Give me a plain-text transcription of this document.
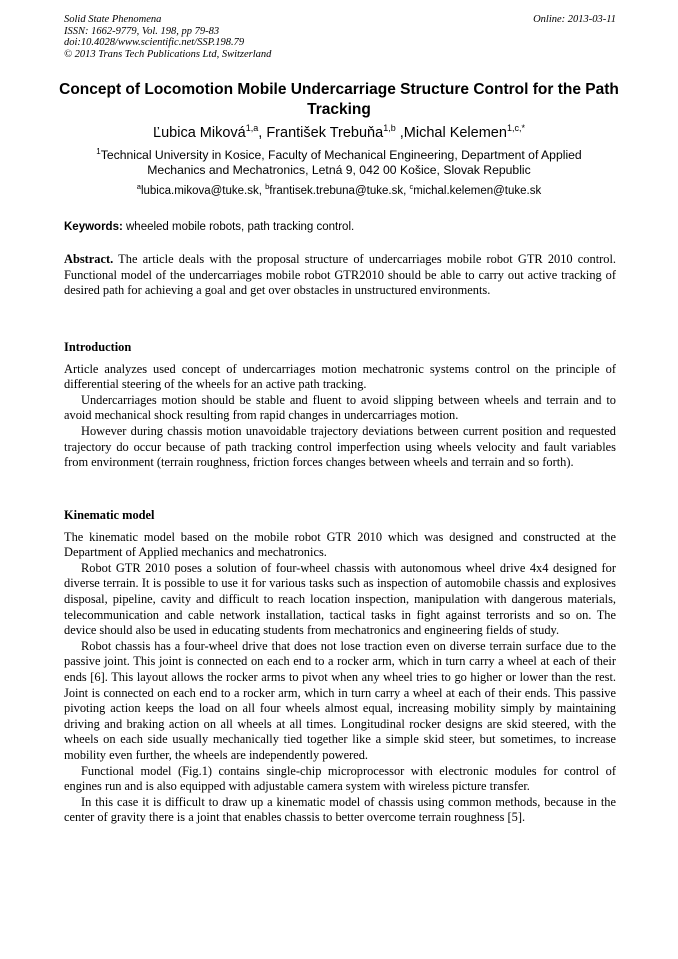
Solid State Phenomena
ISSN: 1662-9779, Vol. 198, pp 79-83
doi:10.4028/www.scientific.net/SSP.198.79
© 2013 Trans Tech Publications Ltd, Switzerland
Online: 2013-03-11
Concept of Locomotion Mobile Undercarriage Structure Control for the Path Tracking
Ľubica Miková$^{1,a}$, František Trebuňa$^{1,b}$ ,Michal Kelemen$^{1,c,*}$
$^1$Technical University in Kosice, Faculty of Mechanical Engineering, Department of Applied
Mechanics and Mechatronics, Letná 9, 042 00 Košice, Slovak Republic
$^a$lubica.mikova@tuke.sk, $^b$frantisek.trebuna@tuke.sk, $^c$michal.kelemen@tuke.sk
Keywords: wheeled mobile robots, path tracking control.

Abstract. The article deals with the proposal structure of undercarriages mobile robot GTR 2010 control. Functional model of the undercarriages mobile robot GTR2010 should be able to carry out active tracking of desired path for achieving a goal and get over obstacles in unstructured environments.

Introduction

Article analyzes used concept of undercarriages motion mechatronic systems control on the principle of differential steering of the wheels for an active path tracking.

Undercarriages motion should be stable and fluent to avoid slipping between wheels and terrain and to avoid mechanical shock resulting from rapid changes in undercarriages motion.

However during chassis motion unavoidable trajectory deviations between current position and requested trajectory do occur because of path tracking control imperfection using wheels velocity and fault variables from environment (terrain roughness, friction forces changes between wheels and terrain and so forth).

Kinematic model

The kinematic model based on the mobile robot GTR 2010 which was designed and constructed at the Department of Applied mechanics and mechatronics.

Robot GTR 2010 poses a solution of four-wheel chassis with autonomous wheel drive 4x4 designed for diverse terrain. It is possible to use it for various tasks such as inspection of automobile chassis and explosives disposal, pipeline, cavity and difficult to reach location inspection, manipulation with dangerous materials, telecommunication and cable network installation, tactical tasks in fight against terrorists and so on. The device should also be used in educating students from mechatronics and engineering fields of study.

Robot chassis has a four-wheel drive that does not lose traction even on diverse terrain surface due to the passive joint. This joint is connected on each end to a rocker arm, which in turn carry a wheel at each of their ends [6]. This layout allows the rocker arms to pivot when any wheel tries to go higher or lower than the rest. Joint is connected on each end to a rocker arm, which in turn carry a wheel at each of their ends. This passive pivoting action keeps the load on all four wheels almost equal, increasing mobility simply by maintaining driving and braking action on all wheels at all times. Longitudinal rocker designs are skid steered, with the wheels on each side usually mechanically tied together like a simple skid steer, but sometimes, to increase mobility even further, the wheels are independently powered.

Functional model (Fig.1) contains single-chip microprocessor with electronic modules for control of engines run and is also equipped with adjustable camera system with wireless picture transfer.

In this case it is difficult to draw up a kinematic model of chassis using common methods, because in the center of gravity there is a joint that enables chassis to better overcome terrain roughness [5].
